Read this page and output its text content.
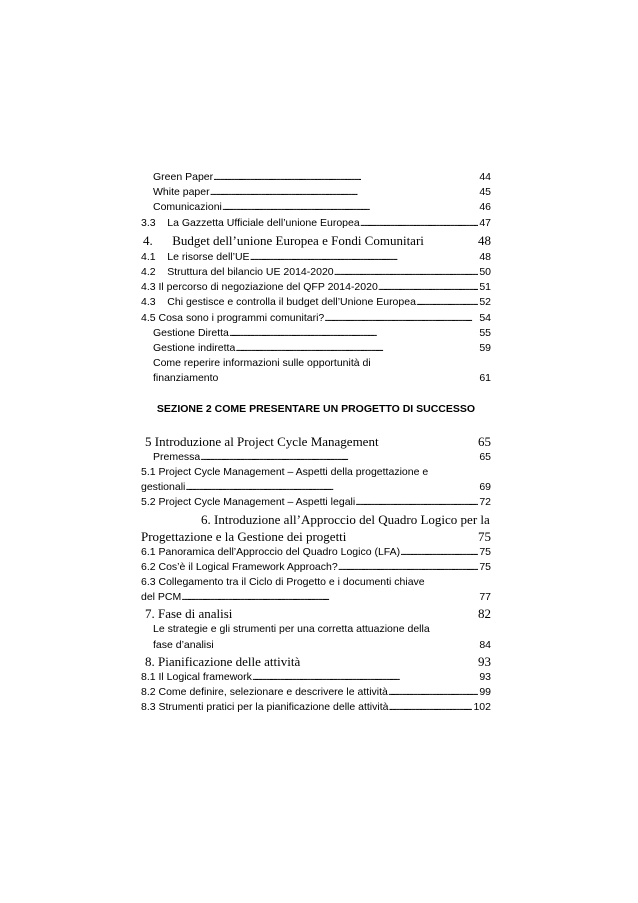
Green Paper . . .	44
White paper . . .	45
Comunicazioni . . .	46
3.3    La Gazzetta Ufficiale dell’unione Europea . . .	47
4.      Budget dell’unione Europea e Fondi Comunitari	48
4.1    Le risorse dell’UE . . .	48
4.2    Struttura del bilancio UE 2014-2020 . . .	50
4.3 Il percorso di negoziazione del QFP 2014-2020 . . .	51
4.3    Chi gestisce e controlla il budget dell’Unione Europea . . .	52
4.5 Cosa sono i programmi comunitari? . . .	54
Gestione Diretta . . .	55
Gestione indiretta . . .	59
Come reperire informazioni sulle opportunità di
finanziamento	61
SEZIONE 2 COME PRESENTARE UN PROGETTO DI SUCCESSO
5 Introduzione al Project Cycle Management	65
Premessa . . .	65
5.1 Project Cycle Management – Aspetti della progettazione e
gestionali . . .	69
5.2 Project Cycle Management – Aspetti legali . . .	72
6. Introduzione all’Approccio del Quadro Logico per la
Progettazione e la Gestione dei progetti	75
6.1 Panoramica dell’Approccio del Quadro Logico (LFA) . . .	75
6.2 Cos’è il Logical Framework Approach? . . .	75
6.3 Collegamento tra il Ciclo di Progetto e i documenti chiave
del PCM . . .	77
7. Fase di analisi	82
Le strategie e gli strumenti per una corretta attuazione della
fase d’analisi	84
8. Pianificazione delle attività	93
8.1 Il Logical framework . . .	93
8.2 Come definire, selezionare e descrivere le attività . . .	99
8.3 Strumenti pratici per la pianificazione delle attività . . .	102
